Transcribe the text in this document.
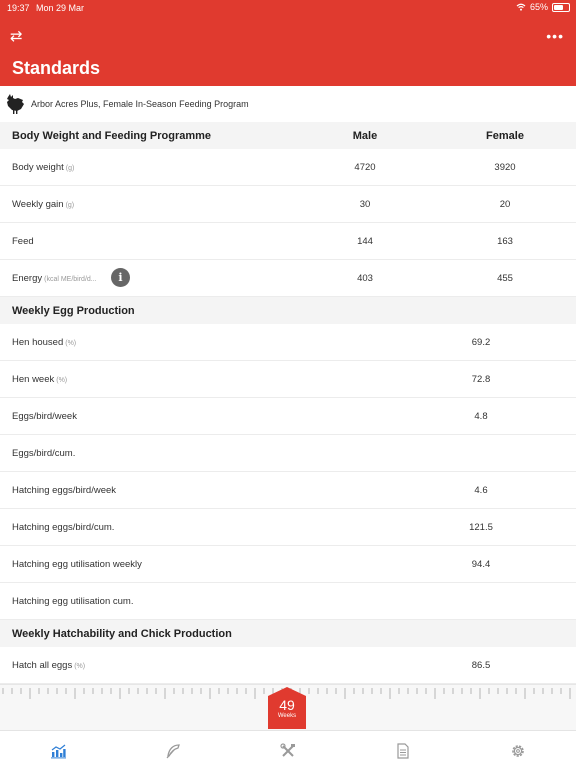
19:37 Mon 29 Mar	65%
⇄	•••
Standards
Arbor Acres Plus, Female In-Season Feeding Program
Body Weight and Feeding Programme	Male	Female
Body weight (g)	4720	3920
Weekly gain (g)	30	20
Feed	144	163
Energy (kcal ME/bird/d...	i	403	455
Weekly Egg Production
Hen housed (%)	69.2
Hen week (%)	72.8
Eggs/bird/week	4.8
Eggs/bird/cum.
Hatching eggs/bird/week	4.6
Hatching eggs/bird/cum.	121.5
Hatching egg utilisation weekly	94.4
Hatching egg utilisation cum.
Weekly Hatchability and Chick Production
Hatch all eggs (%)	86.5
49
Weeks
